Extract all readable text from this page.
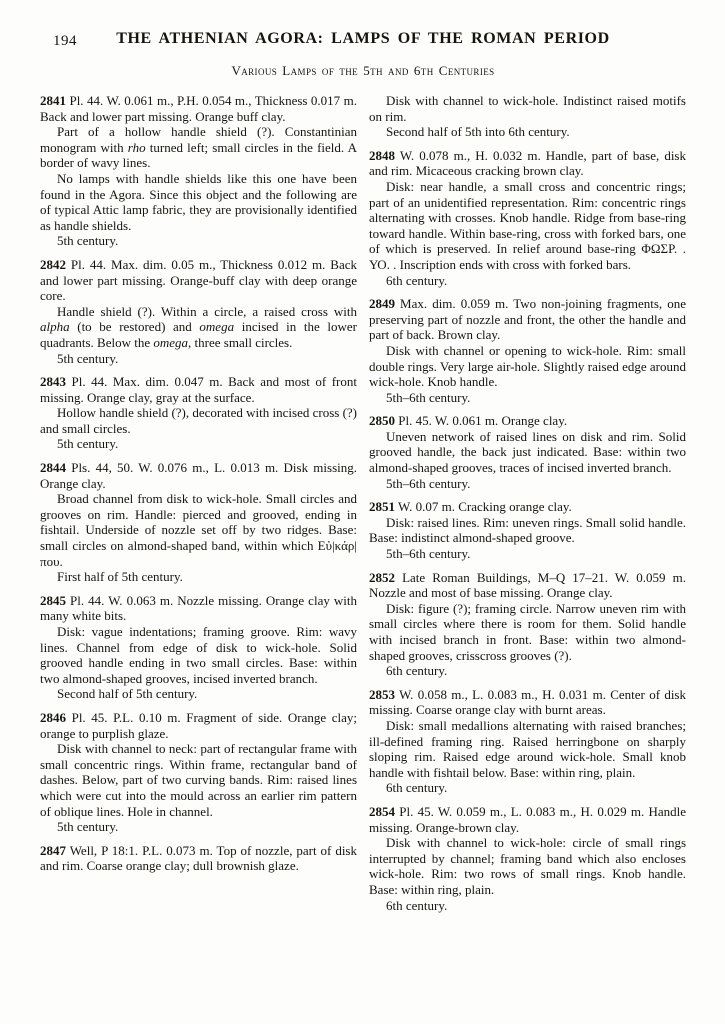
194	THE ATHENIAN AGORA: LAMPS OF THE ROMAN PERIOD
Various Lamps of the 5th and 6th Centuries

2841 Pl. 44. W. 0.061 m., P.H. 0.054 m., Thickness 0.017 m. Back and lower part missing. Orange buff clay.

Part of a hollow handle shield (?). Constantinian monogram with rho turned left; small circles in the field. A border of wavy lines.

No lamps with handle shields like this one have been found in the Agora. Since this object and the following are of typical Attic lamp fabric, they are provisionally identified as handle shields.

5th century.

2842 Pl. 44. Max. dim. 0.05 m., Thickness 0.012 m. Back and lower part missing. Orange-buff clay with deep orange core.

Handle shield (?). Within a circle, a raised cross with alpha (to be restored) and omega incised in the lower quadrants. Below the omega, three small circles.

5th century.

2843 Pl. 44. Max. dim. 0.047 m. Back and most of front missing. Orange clay, gray at the surface.

Hollow handle shield (?), decorated with incised cross (?) and small circles.

5th century.

2844 Pls. 44, 50. W. 0.076 m., L. 0.013 m. Disk missing. Orange clay.

Broad channel from disk to wick-hole. Small circles and grooves on rim. Handle: pierced and grooved, ending in fishtail. Underside of nozzle set off by two ridges. Base: small circles on almond-shaped band, within which Εὐ|κάρ|που.

First half of 5th century.

2845 Pl. 44. W. 0.063 m. Nozzle missing. Orange clay with many white bits.

Disk: vague indentations; framing groove. Rim: wavy lines. Channel from edge of disk to wick-hole. Solid grooved handle ending in two small circles. Base: within two almond-shaped grooves, incised inverted branch.

Second half of 5th century.

2846 Pl. 45. P.L. 0.10 m. Fragment of side. Orange clay; orange to purplish glaze.

Disk with channel to neck: part of rectangular frame with small concentric rings. Within frame, rectangular band of dashes. Below, part of two curving bands. Rim: raised lines which were cut into the mould across an earlier rim pattern of oblique lines. Hole in channel.

5th century.

2847 Well, P 18:1. P.L. 0.073 m. Top of nozzle, part of disk and rim. Coarse orange clay; dull brownish glaze.

Disk with channel to wick-hole. Indistinct raised motifs on rim.

Second half of 5th into 6th century.

2848 W. 0.078 m., H. 0.032 m. Handle, part of base, disk and rim. Micaceous cracking brown clay.

Disk: near handle, a small cross and concentric rings; part of an unidentified representation. Rim: concentric rings alternating with crosses. Knob handle. Ridge from base-ring toward handle. Within base-ring, cross with forked bars, one of which is preserved. In relief around base-ring ΦΩΣΡ. . ΥΟ. . Inscription ends with cross with forked bars.

6th century.

2849 Max. dim. 0.059 m. Two non-joining fragments, one preserving part of nozzle and front, the other the handle and part of back. Brown clay.

Disk with channel or opening to wick-hole. Rim: small double rings. Very large air-hole. Slightly raised edge around wick-hole. Knob handle.

5th–6th century.

2850 Pl. 45. W. 0.061 m. Orange clay.

Uneven network of raised lines on disk and rim. Solid grooved handle, the back just indicated. Base: within two almond-shaped grooves, traces of incised inverted branch.

5th–6th century.

2851 W. 0.07 m. Cracking orange clay.

Disk: raised lines. Rim: uneven rings. Small solid handle. Base: indistinct almond-shaped groove.

5th–6th century.

2852 Late Roman Buildings, M–Q 17–21. W. 0.059 m. Nozzle and most of base missing. Orange clay.

Disk: figure (?); framing circle. Narrow uneven rim with small circles where there is room for them. Solid handle with incised branch in front. Base: within two almond-shaped grooves, crisscross grooves (?).

6th century.

2853 W. 0.058 m., L. 0.083 m., H. 0.031 m. Center of disk missing. Coarse orange clay with burnt areas.

Disk: small medallions alternating with raised branches; ill-defined framing ring. Raised herringbone on sharply sloping rim. Raised edge around wick-hole. Small knob handle with fishtail below. Base: within ring, plain.

6th century.

2854 Pl. 45. W. 0.059 m., L. 0.083 m., H. 0.029 m. Handle missing. Orange-brown clay.

Disk with channel to wick-hole: circle of small rings interrupted by channel; framing band which also encloses wick-hole. Rim: two rows of small rings. Knob handle. Base: within ring, plain.

6th century.
